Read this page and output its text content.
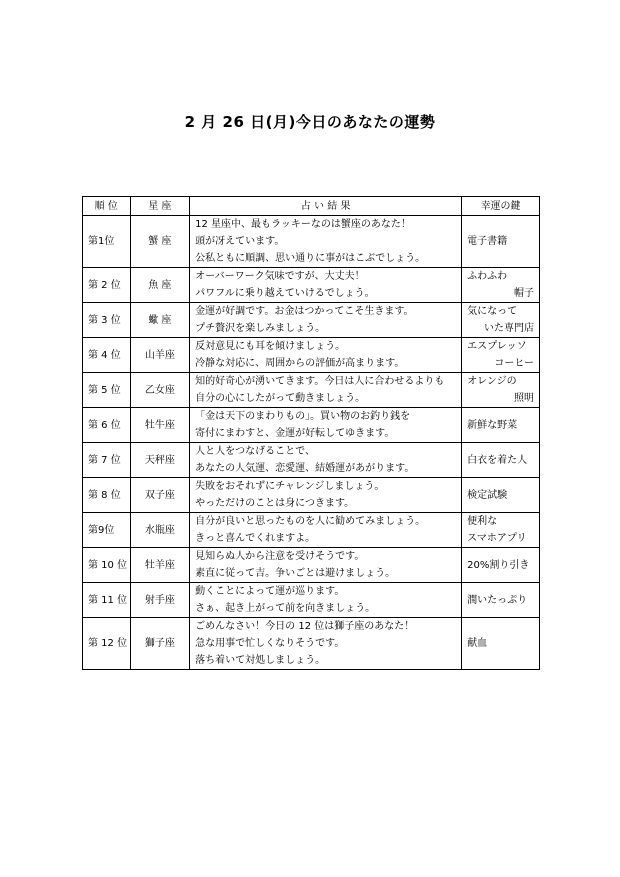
2 月 26 日(月)今日のあなたの運勢
順 位	星 座	占 い 結 果	幸運の鍵
第1位	蟹 座	12 星座中、最もラッキーなのは蟹座のあなた！
頭が冴えています。
公私ともに順調、思い通りに事がはこぶでしょう。	電子書籍

第 2 位	魚 座	オーバーワーク気味ですが、大丈夫！
パワフルに乗り越えていけるでしょう。	ふわふわ
帽子

第 3 位	蠍 座	金運が好調です。お金はつかってこそ生きます。
プチ贅沢を楽しみましょう。	気になって
いた専門店

第 4 位	山羊座	反対意見にも耳を傾けましょう。
冷静な対応に、周囲からの評価が高まります。	エスプレッソ
コーヒー

第 5 位	乙女座	知的好奇心が湧いてきます。今日は人に合わせるよりも
自分の心にしたがって動きましょう。	オレンジの
照明

第 6 位	牡牛座	「金は天下のまわりもの」。買い物のお釣り銭を
寄付にまわすと、金運が好転してゆきます。	新鮮な野菜

第 7 位	天秤座	人と人をつなげることで、
あなたの人気運、恋愛運、結婚運があがります。	白衣を着た人

第 8 位	双子座	失敗をおそれずにチャレンジしましょう。
やっただけのことは身につきます。	検定試験

第9位	水瓶座	自分が良いと思ったものを人に勧めてみましょう。
きっと喜んでくれますよ。	便利な
スマホアプリ

第 10 位	牡羊座	見知らぬ人から注意を受けそうです。
素直に従って吉。争いごとは避けましょう。	20%割り引き

第 11 位	射手座	動くことによって運が巡ります。
さぁ、起き上がって前を向きましょう。	潤いたっぷり

第 12 位	獅子座	ごめんなさい！今日の 12 位は獅子座のあなた！
急な用事で忙しくなりそうです。
落ち着いて対処しましょう。	献血
